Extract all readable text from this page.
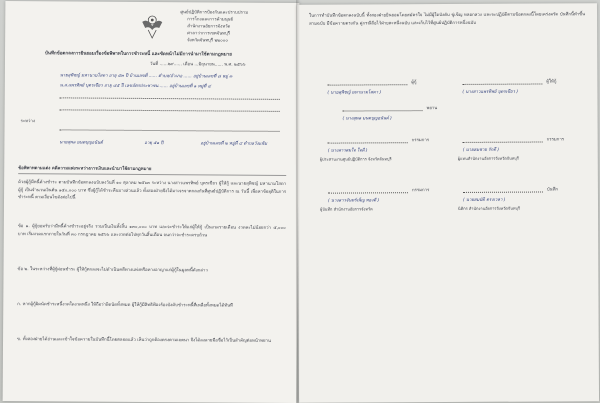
ศูนย์ปฏิบัติการป้องกันและปราบปราม
การโกงและการค้ามนุษย์
สำนักงานอัยการจังหวัด
ศาลาว่าการเขตจันทบุรี
จังหวัดจันทบุรี ๒๒๐๐๐
บันทึกข้อตกลงการยินยอมเรื่องข้อพิพาทในการชำระหนี้ และขัดหน้าไม่มีการนำมาใช้ตามกฎหมาย
วันที่ ......๒๙...... เดือน ...มิถุนายน...... พ.ศ. ๒๕๖๖
นายสุพิชญ์ มหานามโสดา อายุ ๕๓ ปี บ้านเลขที่ ...... ตำบล/อำเภอ ...... อยู่บ้านเลขที่ ๘ หมู่ ๓
น.ส.แพรทิพย์ บุตรเขียว อายุ ๔๕ ปี เลขบัตรประชาชน ...... อยู่บ้านเลขที่ ๑ หมู่ที่ ๔
ระหว่าง
นายสุพล มนตบุญอนันต์	อายุ ๕๑ ปี	อยู่บ้านเลขที่ ๒ หมู่ที่ ๔ ตำบลวังแซ้ม
ข้อพิพาทตามแต่ง คดีความแพ่งระหว่างการเงินและนำมาใช้ตามกฎหมาย
ด้วยผู้กู้มีหนี้ค้างชำระ ตามบันทึกข้อตกลงฉบับลงวันที่ ๑๐ ตุลาคม ๒๕๖๓ ระหว่าง นางสาวแพรทิพย์ บุตรเขียว ผู้ให้กู้ และนายสุพิชญ์ มหานามโสดา ผู้กู้ เป็นจำนวนเงินต้น ๑๕๐,๐๐๐ บาท ซึ่งผู้กู้ได้ชำระคืนบางส่วนแล้ว ทั้งสองฝ่ายจึงได้มาเจรจาตกลงกันที่ศูนย์ปฏิบัติการ ณ วันนี้ เพื่อหาข้อยุติในการชำระหนี้ ตามเงื่อนไขดังต่อไปนี้
ข้อ ๑. ผู้กู้ยอมรับว่ามีหนี้ค้างชำระอยู่จริง รวมเป็นเงินทั้งสิ้น ๑๓๐,๐๐๐ บาท และจะชำระให้แก่ผู้ให้กู้ เป็นงวดรายเดือน งวดละไม่น้อยกว่า ๕,๐๐๐ บาท เริ่มงวดแรกภายในวันที่ ๓๐ กรกฎาคม ๒๕๖๖ และงวดต่อไปทุกวันสิ้นเดือน จนกว่าจะชำระครบถ้วน
ข้อ ๒. ในระหว่างที่ผู้กู้ผ่อนชำระ ผู้ให้กู้ตกลงจะไม่ดำเนินคดีทางแพ่งหรือทางอาญาแก่ผู้กู้ในมูลหนี้ดังกล่าว
ก. หากผู้กู้ผิดนัดชำระหนี้งวดใดงวดหนึ่ง ให้ถือว่าผิดนัดทั้งหมด ผู้ให้กู้มีสิทธิฟ้องร้องบังคับชำระหนี้ที่เหลือทั้งหมดได้ทันที
ข. ทั้งสองฝ่ายได้อ่านและเข้าใจข้อความในบันทึกนี้โดยตลอดแล้ว เห็นว่าถูกต้องตรงตามเจตนา จึงได้ลงลายมือชื่อไว้เป็นสำคัญต่อหน้าพยาน
ในการทำบันทึกข้อตกลงฉบับนี้ ทั้งสองฝ่ายยินยอมโดยสมัครใจ ไม่มีผู้ใดบังคับ ขู่เข็ญ หลอกลวง และจะปฏิบัติตามข้อตกลงนี้โดยเคร่งครัด บันทึกนี้ทำขึ้นสามฉบับ มีข้อความตรงกัน คู่กรณีถือไว้ฝ่ายละหนึ่งฉบับ และเก็บไว้ที่ศูนย์ปฏิบัติการหนึ่งฉบับ
ผู้กู้
( นายสุพิชญ์ มหานามโสดา )
ผู้ให้กู้
( นางสาวแพรทิพย์ บุตรเขียว )
พยาน
( นางสุพล มนตบุญอนันต์ )
กรรมการ
( นางสาวสมใจ ใจดี )
ผู้ประสานงานศูนย์ปฏิบัติการ จังหวัดจันทบุรี
กรรมการ
( นายสมชาย รักดี )
ผู้แทนสำนักงานอัยการจังหวัดจันทบุรี
กรรมการ
( นางสาวจันทร์เพ็ญ ทองดี )
ผู้บันทึก สำนักงานอัยการจังหวัด
บันทึก
( นายสมบัติ ตรงเวลา )
นิติกร สำนักงานอัยการจังหวัดจันทบุรี
